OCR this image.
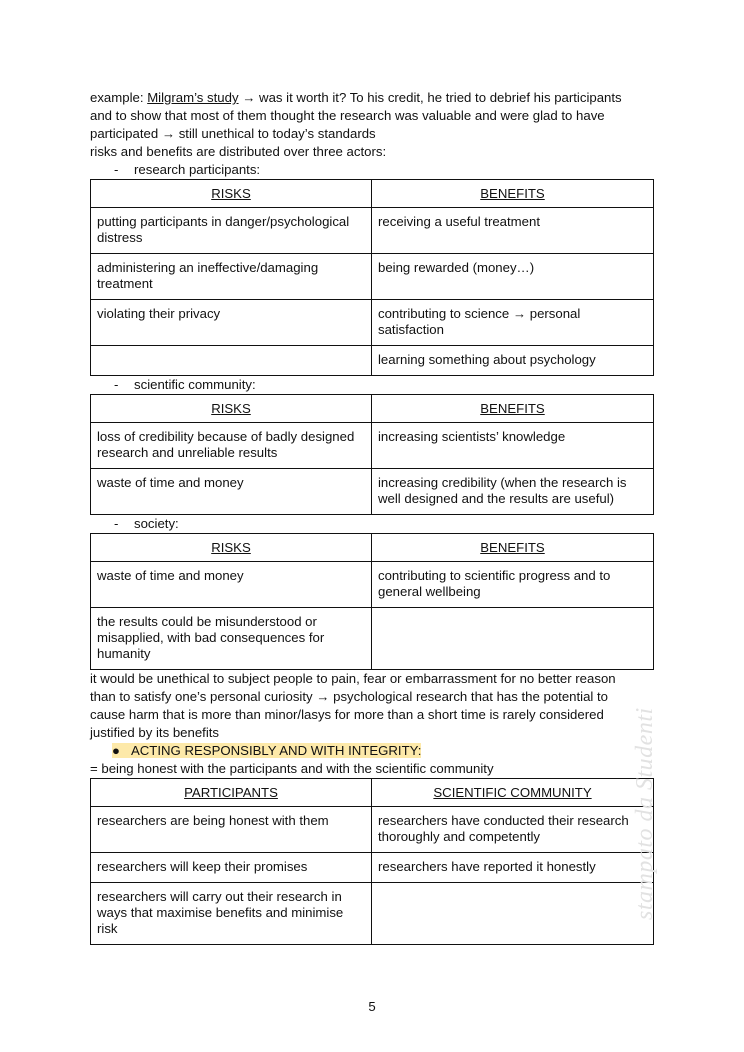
example: Milgram’s study → was it worth it? To his credit, he tried to debrief his participants

and to show that most of them thought the research was valuable and were glad to have

participated → still unethical to today’s standards

risks and benefits are distributed over three actors:

- research participants:
RISKS	BENEFITS
putting participants in danger/psychological distress	receiving a useful treatment
administering an ineffective/damaging treatment	being rewarded (money…)
violating their privacy	contributing to science → personal satisfaction
	learning something about psychology
- scientific community:
RISKS	BENEFITS
loss of credibility because of badly designed research and unreliable results	increasing scientists’ knowledge
waste of time and money	increasing credibility (when the research is well designed and the results are useful)
- society:
RISKS	BENEFITS
waste of time and money	contributing to scientific progress and to general wellbeing
the results could be misunderstood or misapplied, with bad consequences for humanity	

it would be unethical to subject people to pain, fear or embarrassment for no better reason

than to satisfy one’s personal curiosity → psychological research that has the potential to

cause harm that is more than minor/lasys for more than a short time is rarely considered

justified by its benefits

● ACTING RESPONSIBLY AND WITH INTEGRITY:

= being honest with the participants and with the scientific community

PARTICIPANTS	SCIENTIFIC COMMUNITY
researchers are being honest with them	researchers have conducted their research thoroughly and competently
researchers will keep their promises	researchers have reported it honestly
researchers will carry out their research in ways that maximise benefits and minimise risk	
stampato da Studenti
5
